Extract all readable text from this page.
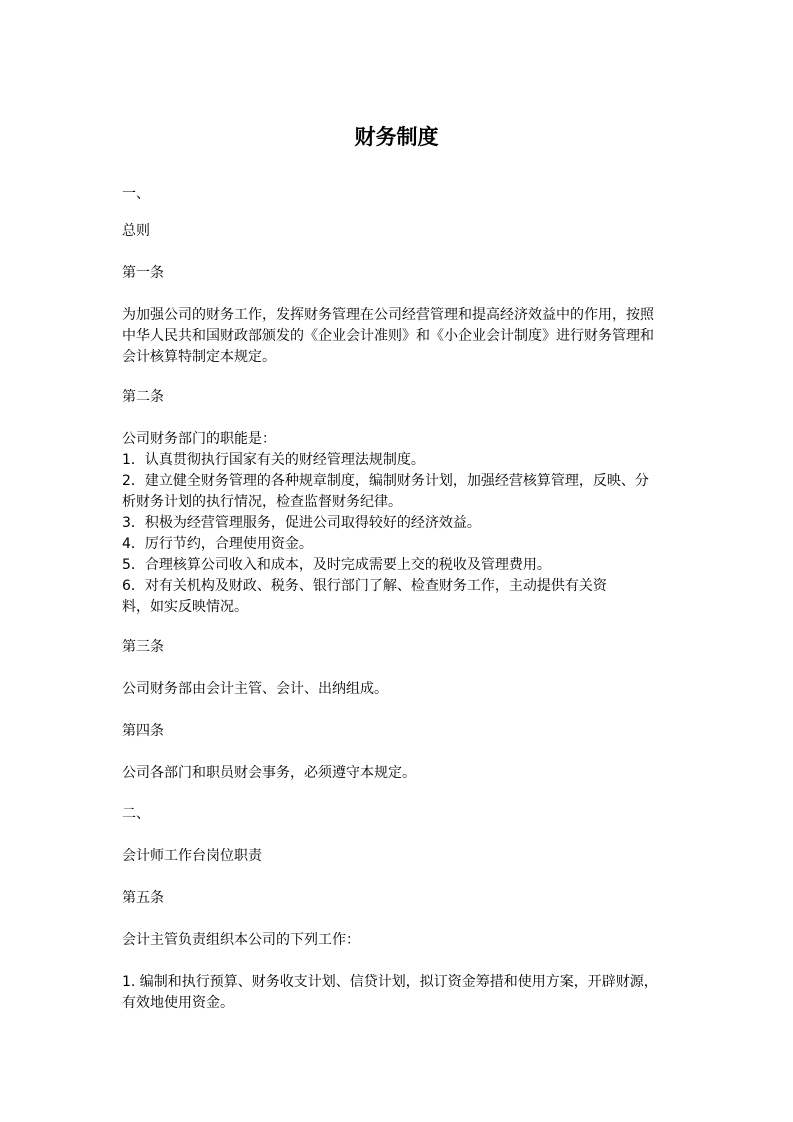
财务制度
一、
总则
第一条
为加强公司的财务工作，发挥财务管理在公司经营管理和提高经济效益中的作用，按照
中华人民共和国财政部颁发的《企业会计准则》和《小企业会计制度》进行财务管理和
会计核算特制定本规定。
第二条
公司财务部门的职能是：
1．认真贯彻执行国家有关的财经管理法规制度。
2．建立健全财务管理的各种规章制度，编制财务计划，加强经营核算管理，反映、分
析财务计划的执行情况，检查监督财务纪律。
3．积极为经营管理服务，促进公司取得较好的经济效益。
4．厉行节约，合理使用资金。
5．合理核算公司收入和成本，及时完成需要上交的税收及管理费用。
6．对有关机构及财政、税务、银行部门了解、检查财务工作，主动提供有关资
料，如实反映情况。
第三条
公司财务部由会计主管、会计、出纳组成。
第四条
公司各部门和职员财会事务，必须遵守本规定。
二、
会计师工作台岗位职责
第五条
会计主管负责组织本公司的下列工作：
1. 编制和执行预算、财务收支计划、信贷计划，拟订资金筹措和使用方案，开辟财源，
有效地使用资金。
